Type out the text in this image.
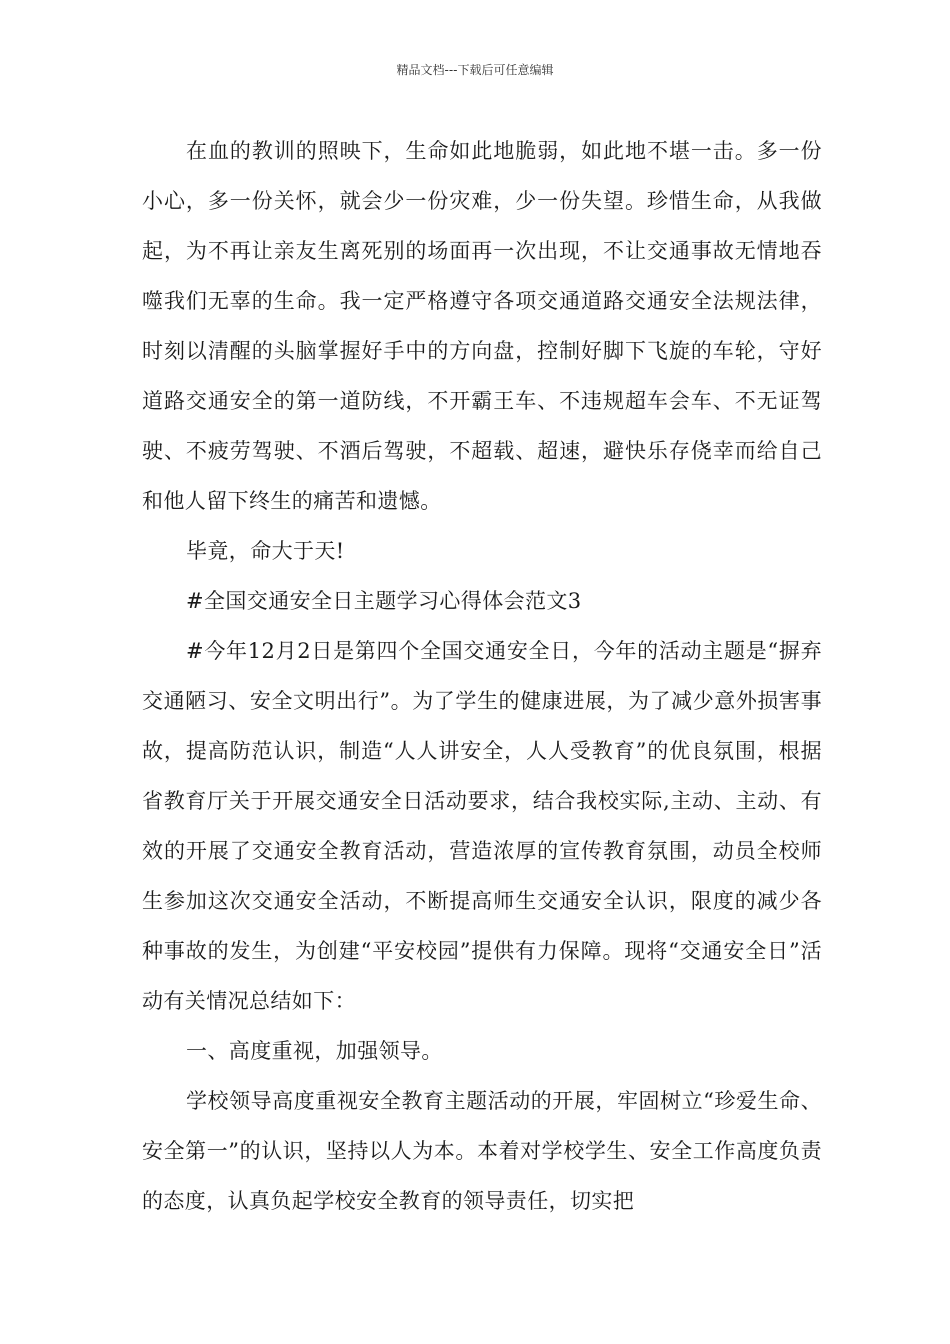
精品文档---下载后可任意编辑

在血的教训的照映下，生命如此地脆弱，如此地不堪一击。多一份小心，多一份关怀，就会少一份灾难，少一份失望。珍惜生命，从我做起，为不再让亲友生离死别的场面再一次出现，不让交通事故无情地吞噬我们无辜的生命。我一定严格遵守各项交通道路交通安全法规法律，时刻以清醒的头脑掌握好手中的方向盘，控制好脚下飞旋的车轮，守好道路交通安全的第一道防线，不开霸王车、不违规超车会车、不无证驾驶、不疲劳驾驶、不酒后驾驶，不超载、超速，避快乐存侥幸而给自己和他人留下终生的痛苦和遗憾。

毕竟，命大于天!

#全国交通安全日主题学习心得体会范文3

#今年12月2日是第四个全国交通安全日，今年的活动主题是“摒弃交通陋习、安全文明出行”。为了学生的健康进展，为了减少意外损害事故，提高防范认识，制造“人人讲安全，人人受教育”的优良氛围，根据省教育厅关于开展交通安全日活动要求，结合我校实际,主动、主动、有效的开展了交通安全教育活动，营造浓厚的宣传教育氛围，动员全校师生参加这次交通安全活动，不断提高师生交通安全认识，限度的减少各种事故的发生，为创建“平安校园”提供有力保障。现将“交通安全日”活动有关情况总结如下：

一、高度重视，加强领导。

学校领导高度重视安全教育主题活动的开展，牢固树立“珍爱生命、安全第一”的认识，坚持以人为本。本着对学校学生、安全工作高度负责的态度，认真负起学校安全教育的领导责任，切实把
